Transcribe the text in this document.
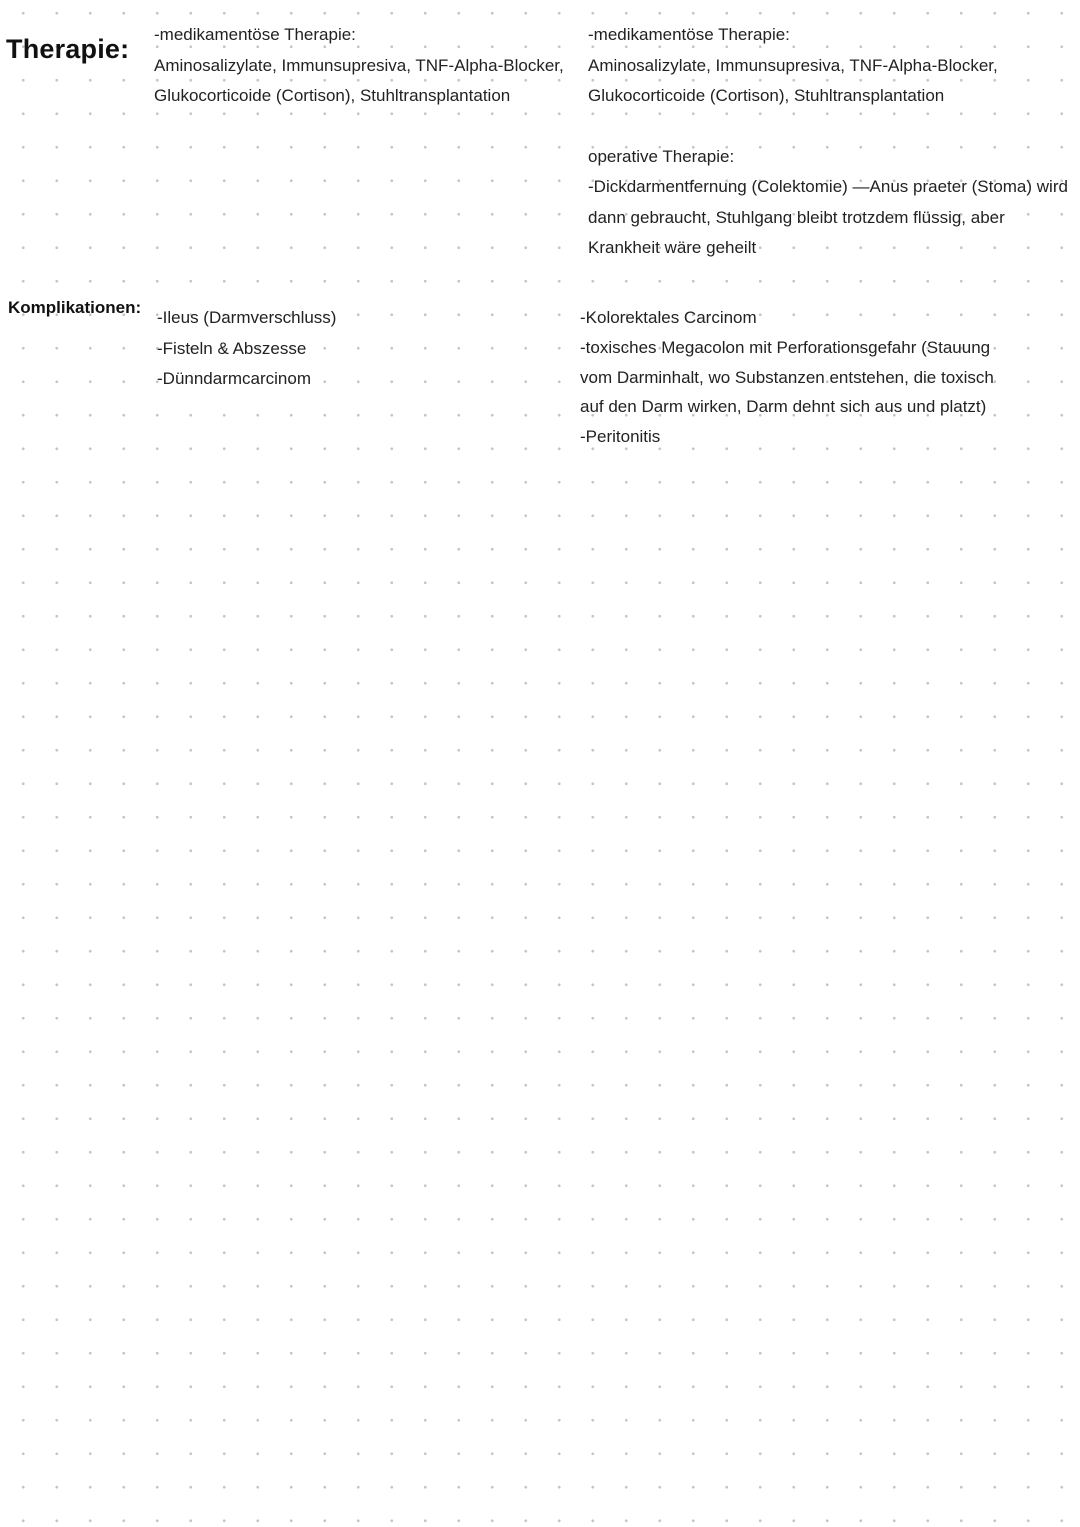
Therapie: -medikamentöse Therapie:
Aminosalizylate, Immunsupresiva, TNF-Alpha-Blocker,
Glukocorticoide (Cortison), Stuhltransplantation
-medikamentöse Therapie:
Aminosalizylate, Immunsupresiva, TNF-Alpha-Blocker,
Glukocorticoide (Cortison), Stuhltransplantation
operative Therapie:
-Dickdarmentfernung (Colektomie) —Anus praeter (Stoma) wird
dann gebraucht, Stuhlgang bleibt trotzdem flüssig, aber
Krankheit wäre geheilt
Komplikationen:
-Ileus (Darmverschluss)
-Fisteln & Abszesse
-Dünndarmcarcinom
-Kolorektales Carcinom
-toxisches Megacolon mit Perforationsgefahr (Stauung
vom Darminhalt, wo Substanzen entstehen, die toxisch
auf den Darm wirken, Darm dehnt sich aus und platzt)
-Peritonitis
